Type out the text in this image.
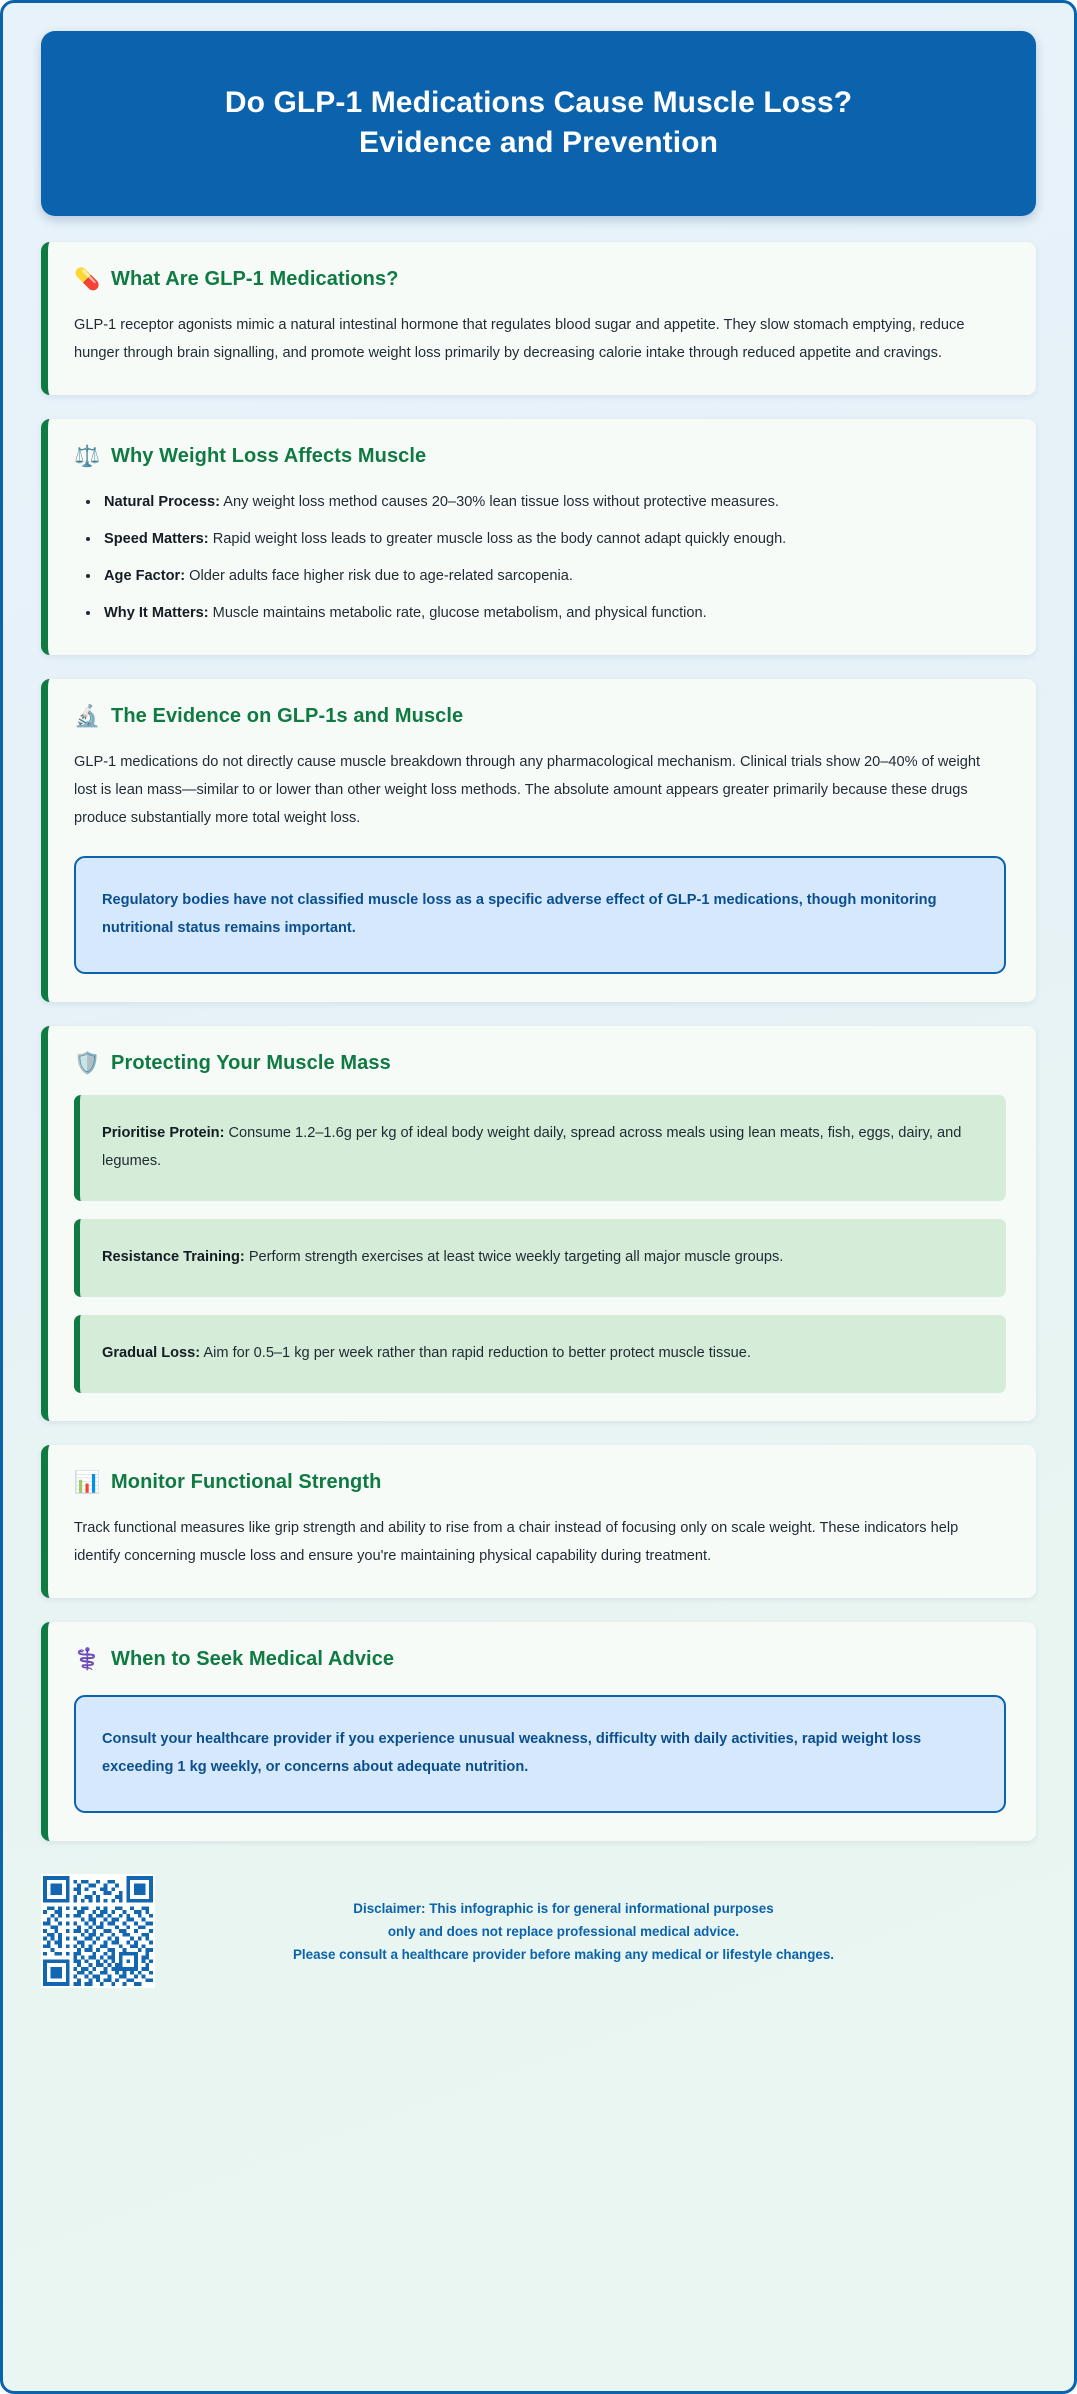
Do GLP-1 Medications Cause Muscle Loss?
Evidence and Prevention
💊 What Are GLP-1 Medications?

GLP-1 receptor agonists mimic a natural intestinal hormone that regulates blood sugar and appetite. They slow stomach emptying, reduce hunger through brain signalling, and promote weight loss primarily by decreasing calorie intake through reduced appetite and cravings.

⚖️ Why Weight Loss Affects Muscle
Natural Process: Any weight loss method causes 20–30% lean tissue loss without protective measures.
Speed Matters: Rapid weight loss leads to greater muscle loss as the body cannot adapt quickly enough.
Age Factor: Older adults face higher risk due to age-related sarcopenia.
Why It Matters: Muscle maintains metabolic rate, glucose metabolism, and physical function.
🔬 The Evidence on GLP-1s and Muscle

GLP-1 medications do not directly cause muscle breakdown through any pharmacological mechanism. Clinical trials show 20–40% of weight lost is lean mass—similar to or lower than other weight loss methods. The absolute amount appears greater primarily because these drugs produce substantially more total weight loss.

Regulatory bodies have not classified muscle loss as a specific adverse effect of GLP-1 medications, though monitoring nutritional status remains important.

🛡️ Protecting Your Muscle Mass

Prioritise Protein: Consume 1.2–1.6g per kg of ideal body weight daily, spread across meals using lean meats, fish, eggs, dairy, and legumes.

Resistance Training: Perform strength exercises at least twice weekly targeting all major muscle groups.

Gradual Loss: Aim for 0.5–1 kg per week rather than rapid reduction to better protect muscle tissue.

📊 Monitor Functional Strength

Track functional measures like grip strength and ability to rise from a chair instead of focusing only on scale weight. These indicators help identify concerning muscle loss and ensure you're maintaining physical capability during treatment.

⚕️ When to Seek Medical Advice

Consult your healthcare provider if you experience unusual weakness, difficulty with daily activities, rapid weight loss exceeding 1 kg weekly, or concerns about adequate nutrition.

Disclaimer: This infographic is for general informational purposes
only and does not replace professional medical advice.
Please consult a healthcare provider before making any medical or lifestyle changes.
